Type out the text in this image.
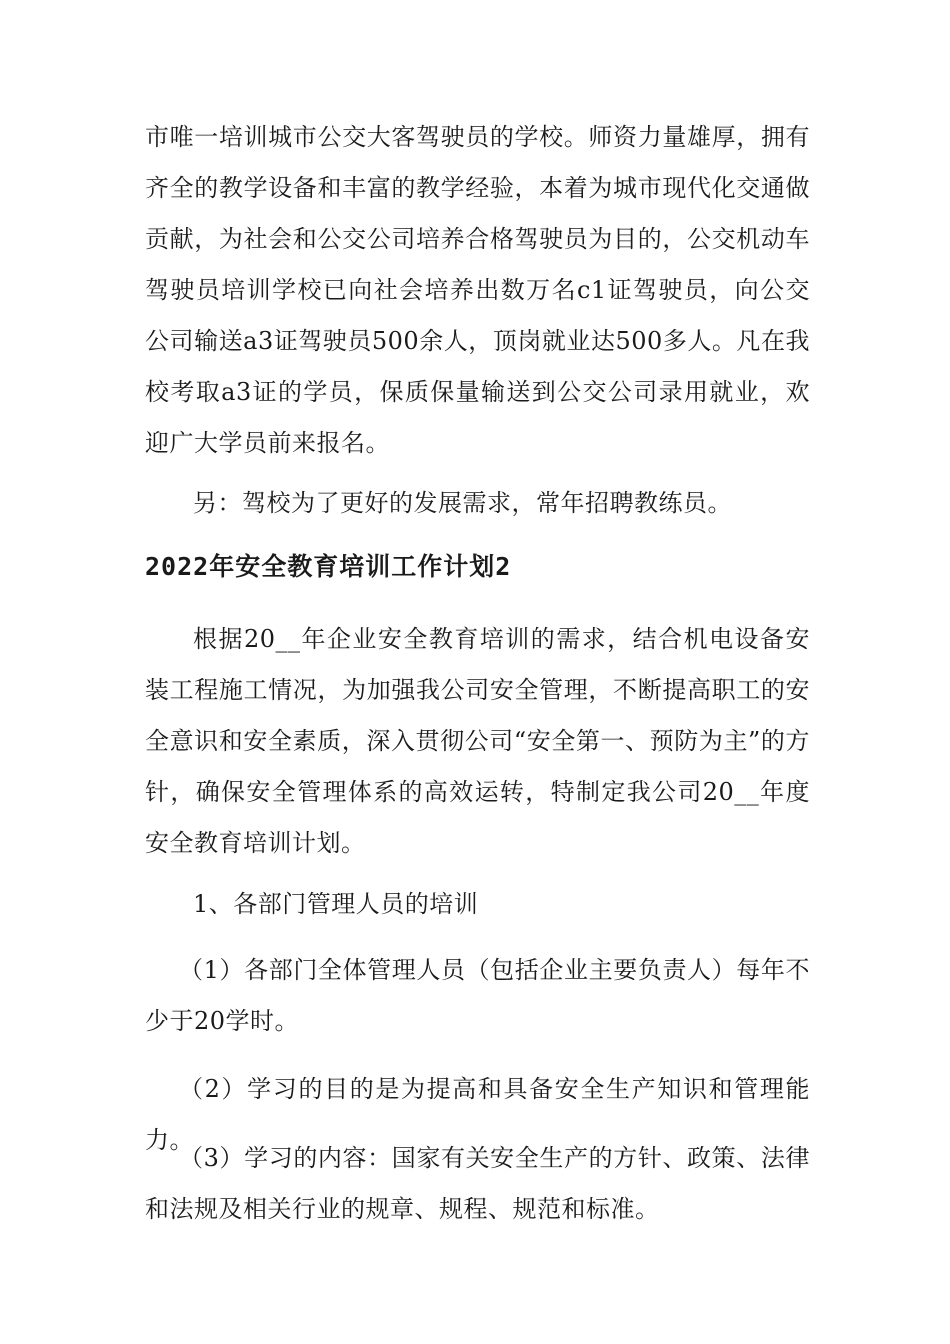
市唯一培训城市公交大客驾驶员的学校。师资力量雄厚，拥有齐全的教学设备和丰富的教学经验，本着为城市现代化交通做贡献，为社会和公交公司培养合格驾驶员为目的，公交机动车驾驶员培训学校已向社会培养出数万名c1证驾驶员，向公交公司输送a3证驾驶员500余人，顶岗就业达500多人。凡在我校考取a3证的学员，保质保量输送到公交公司录用就业，欢迎广大学员前来报名。

另：驾校为了更好的发展需求，常年招聘教练员。

2022年安全教育培训工作计划2

根据20__年企业安全教育培训的需求，结合机电设备安装工程施工情况，为加强我公司安全管理，不断提高职工的安全意识和安全素质，深入贯彻公司“安全第一、预防为主”的方针，确保安全管理体系的高效运转，特制定我公司20__年度安全教育培训计划。

1、各部门管理人员的培训

（1）各部门全体管理人员（包括企业主要负责人）每年不少于20学时。

（2）学习的目的是为提高和具备安全生产知识和管理能力。

（3）学习的内容：国家有关安全生产的方针、政策、法律和法规及相关行业的规章、规程、规范和标准。
